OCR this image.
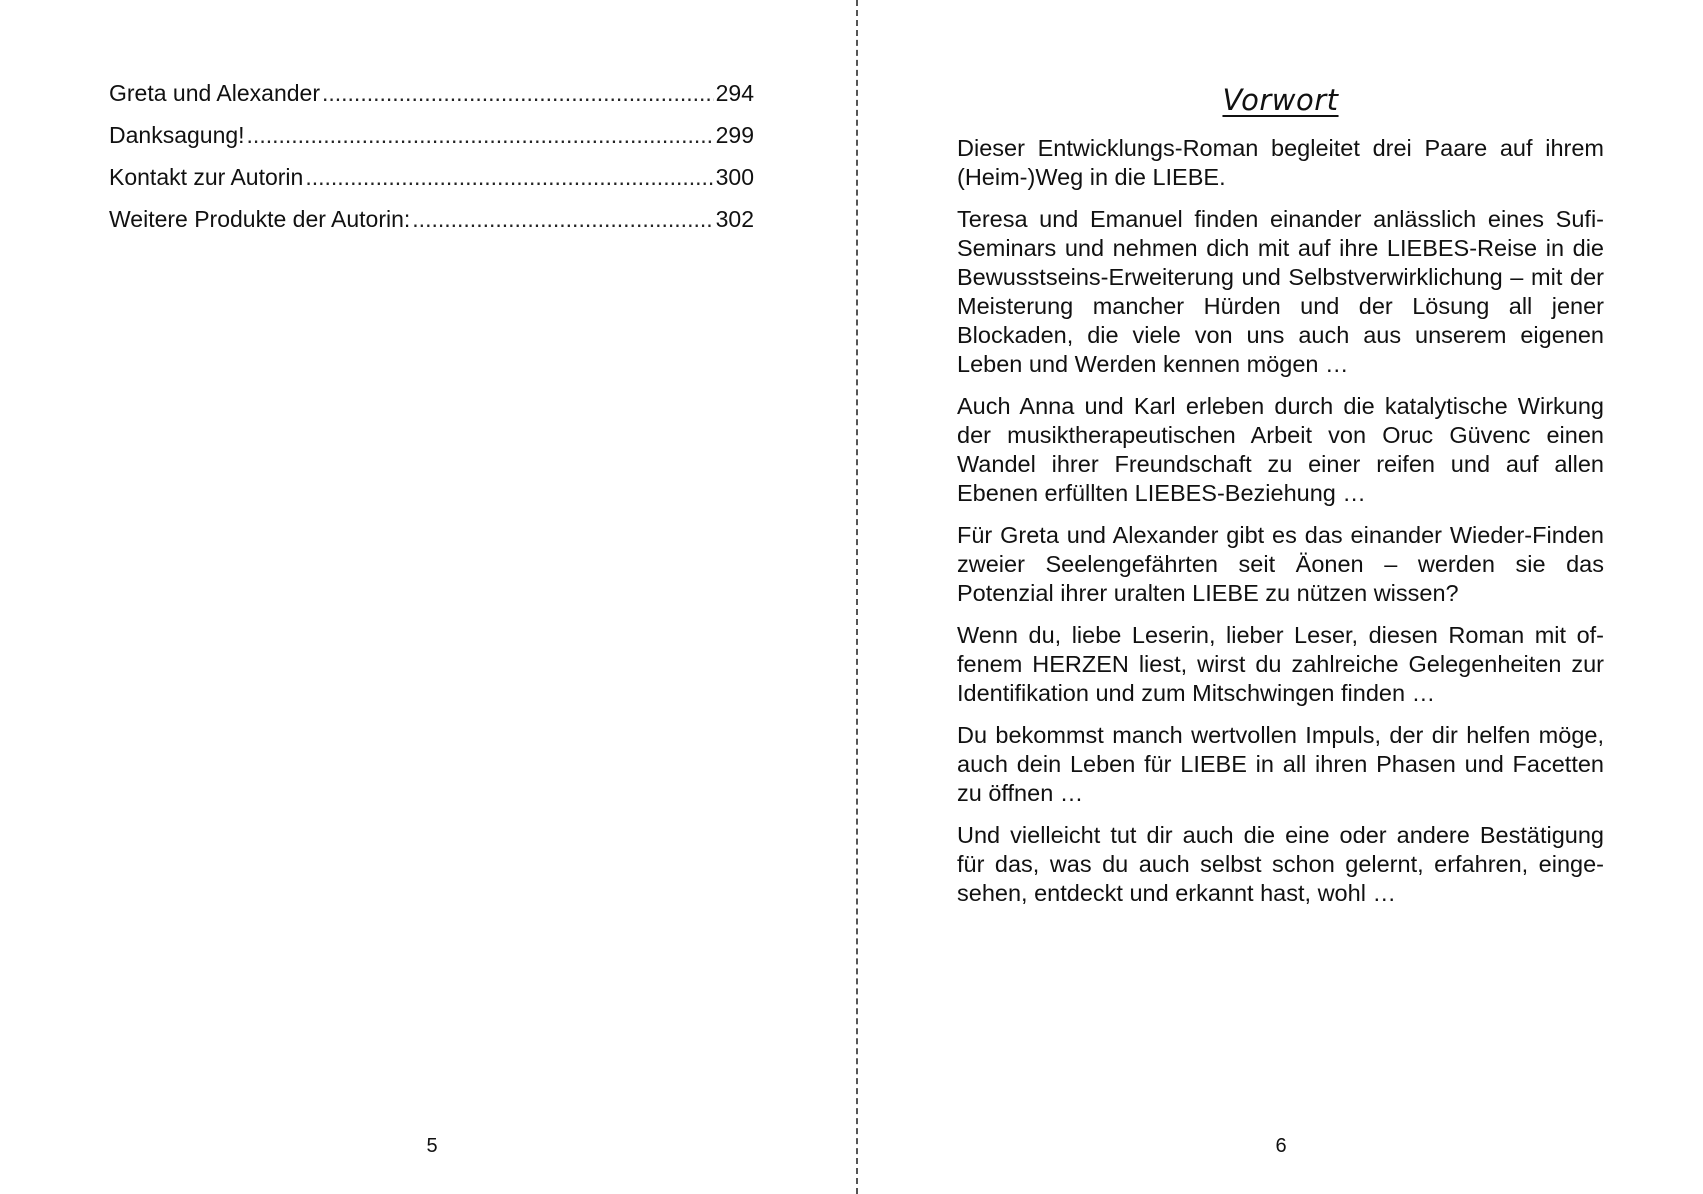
Greta und Alexander .....	294
Danksagung! .....	299
Kontakt zur Autorin .....	300
Weitere Produkte der Autorin: .....	302
5
Vorwort

Dieser Entwicklungs-Roman begleitet drei Paare auf ihrem (Heim-)Weg in die LIEBE.

Teresa und Emanuel finden einander anlässlich eines Sufi-Seminars und nehmen dich mit auf ihre LIEBES-Reise in die Bewusstseins-Erweiterung und Selbstverwirklichung – mit der Meisterung mancher Hürden und der Lösung all jener Blockaden, die viele von uns auch aus unserem eigenen Leben und Werden kennen mögen …

Auch Anna und Karl erleben durch die katalytische Wirkung der musiktherapeutischen Arbeit von Oruc Güvenc einen Wandel ihrer Freundschaft zu einer reifen und auf allen Ebenen erfüllten LIEBES-Beziehung …

Für Greta und Alexander gibt es das einander Wieder-Finden zweier Seelengefährten seit Äonen – werden sie das Potenzial ihrer uralten LIEBE zu nützen wissen?

Wenn du, liebe Leserin, lieber Leser, diesen Roman mit offenem HERZEN liest, wirst du zahlreiche Gelegenheiten zur Identifikation und zum Mitschwingen finden …

Du bekommst manch wertvollen Impuls, der dir helfen möge, auch dein Leben für LIEBE in all ihren Phasen und Facetten zu öffnen …

Und vielleicht tut dir auch die eine oder andere Bestätigung für das, was du auch selbst schon gelernt, erfahren, eingesehen, entdeckt und erkannt hast, wohl …

6
